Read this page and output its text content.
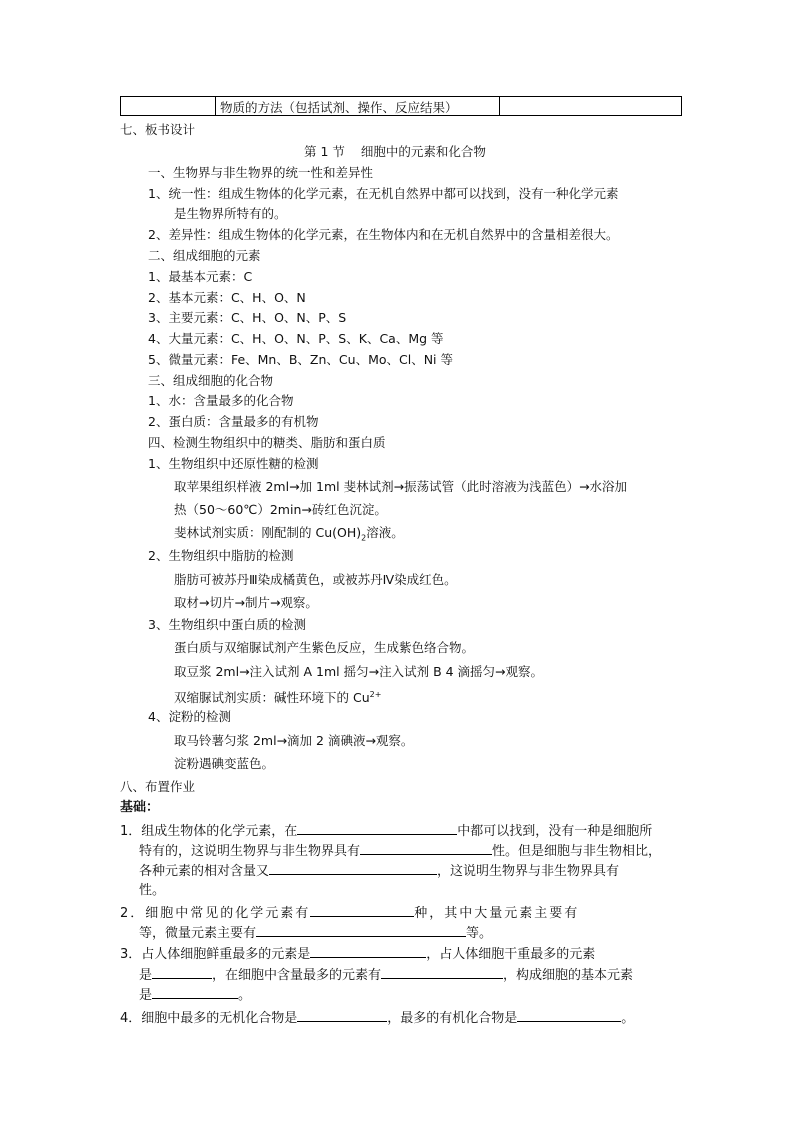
物质的方法（包括试剂、操作、反应结果）
七、板书设计
第 1 节 细胞中的元素和化合物
一、生物界与非生物界的统一性和差异性
1、统一性：组成生物体的化学元素，在无机自然界中都可以找到，没有一种化学元素
是生物界所特有的。
2、差异性：组成生物体的化学元素，在生物体内和在无机自然界中的含量相差很大。
二、组成细胞的元素
1、最基本元素：C
2、基本元素：C、H、O、N
3、主要元素：C、H、O、N、P、S
4、大量元素：C、H、O、N、P、S、K、Ca、Mg 等
5、微量元素：Fe、Mn、B、Zn、Cu、Mo、Cl、Ni 等
三、组成细胞的化合物
1、水：含量最多的化合物
2、蛋白质：含量最多的有机物
四、检测生物组织中的糖类、脂肪和蛋白质
1、生物组织中还原性糖的检测
取苹果组织样液 2ml→加 1ml 斐林试剂→振荡试管（此时溶液为浅蓝色）→水浴加
热（50～60℃）2min→砖红色沉淀。
斐林试剂实质：刚配制的 $Cu(OH)_2$溶液。
2、生物组织中脂肪的检测
脂肪可被苏丹Ⅲ染成橘黄色，或被苏丹Ⅳ染成红色。
取材→切片→制片→观察。
3、生物组织中蛋白质的检测
蛋白质与双缩脲试剂产生紫色反应，生成紫色络合物。
取豆浆 2ml→注入试剂 A 1ml 摇匀→注入试剂 B 4 滴摇匀→观察。
双缩脲试剂实质：碱性环境下的 $Cu^{2+}$
4、淀粉的检测
取马铃薯匀浆 2ml→滴加 2 滴碘液→观察。
淀粉遇碘变蓝色。
八、布置作业
基础：
1．组成生物体的化学元素，在	中都可以找到，没有一种是细胞所
特有的，这说明生物界与非生物界具有	性。但是细胞与非生物相比，
各种元素的相对含量又	，这说明生物界与非生物界具有
性。
2．细胞中常见的化学元素有	种，其中大量元素主要有
等，微量元素主要有	等。
3．占人体细胞鲜重最多的元素是	，占人体细胞干重最多的元素
是	，在细胞中含量最多的元素有	，构成细胞的基本元素
是	。
4．细胞中最多的无机化合物是	，最多的有机化合物是	。
